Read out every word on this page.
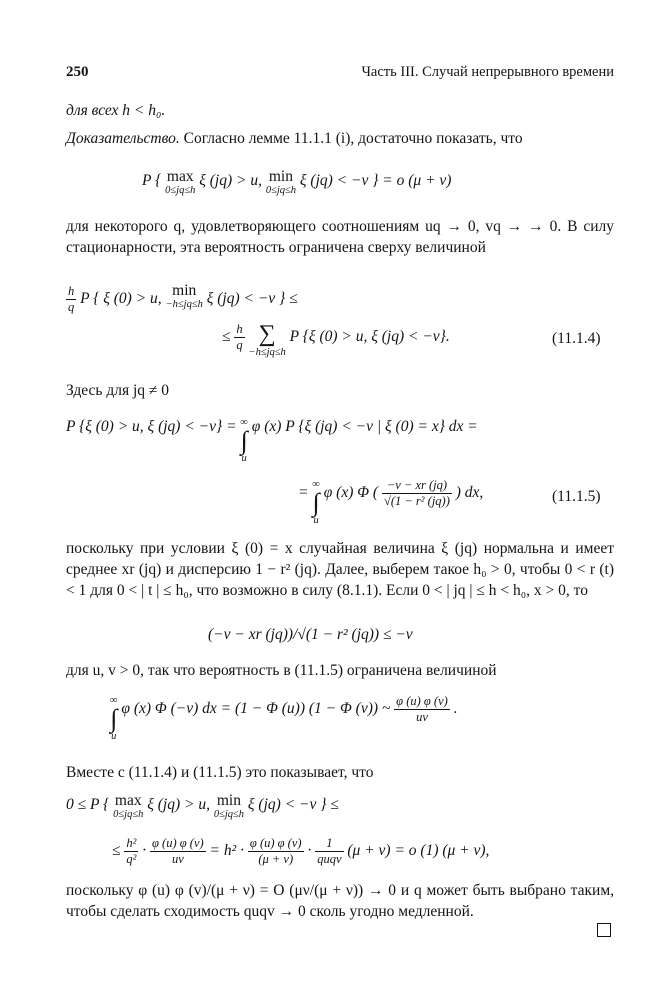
250	Часть III. Случай непрерывного времени

для всех h < h₀.

Доказательство. Согласно лемме 11.1.1 (i), достаточно показать, что

P { max
0≤jq≤h
ξ (jq) > u, min
0≤jq≤h
ξ (jq) < −v } = o (μ + ν)

для некоторого q, удовлетворяющего соотношениям uq → 0, vq → → 0. В силу стационарности, эта вероятность ограничена сверху величиной

$\frac{h}{q}$ P { ξ (0) > u, min
−h≤jq≤h ξ (jq) < −v } ≤
≤ $\frac{h}{q}$
∑
−h≤jq≤h
P {ξ (0) > u, ξ (jq) < −v}.	(11.1.4)

Здесь для jq ≠ 0

P {ξ (0) > u, ξ (jq) < −v} = ∞
∫
u
φ (x) P {ξ (jq) < −v | ξ (0) = x} dx =
= ∞
∫
u
φ (x) Φ ( $\frac{-v - xr (jq)}{\text{√(1 − r² (jq))}}$ ) dx,	(11.1.5)

поскольку при условии ξ (0) = x случайная величина ξ (jq) нормальна и имеет среднее xr (jq) и дисперсию 1 − r² (jq). Далее, выберем такое h₀ > 0, чтобы 0 < r (t) < 1 для 0 < | t | ≤ h₀, что возможно в силу (8.1.1). Если 0 < | jq | ≤ h < h₀, x > 0, то

(−v − xr (jq))/√(1 − r² (jq)) ≤ −v

для u, v > 0, так что вероятность в (11.1.5) ограничена величиной

∞
∫
u
φ (x) Φ (−v) dx = (1 − Φ (u)) (1 − Φ (v)) ~ $\frac{\varphi (u) \varphi (v)}{uv}$ .

Вместе с (11.1.4) и (11.1.5) это показывает, что

0 ≤ P { max
0≤jq≤h
ξ (jq) > u, min
0≤jq≤h
ξ (jq) < −v } ≤
≤ $\frac{\text{h²}}{\text{q²}} \cdot \frac{\varphi (u) \varphi (v)}{uv} = h^2 \cdot \frac{\varphi (u) \varphi (v)}{(\mu + \nu)} \cdot \frac{1}{\text{quqv}} (\mu + \nu) = o$ (1) (μ + ν),

поскольку φ (u) φ (v)/(μ + ν) = O (μν/(μ + ν)) → 0 и q может быть выбрано таким, чтобы сделать сходимость quqv → 0 сколь угодно медленной.
